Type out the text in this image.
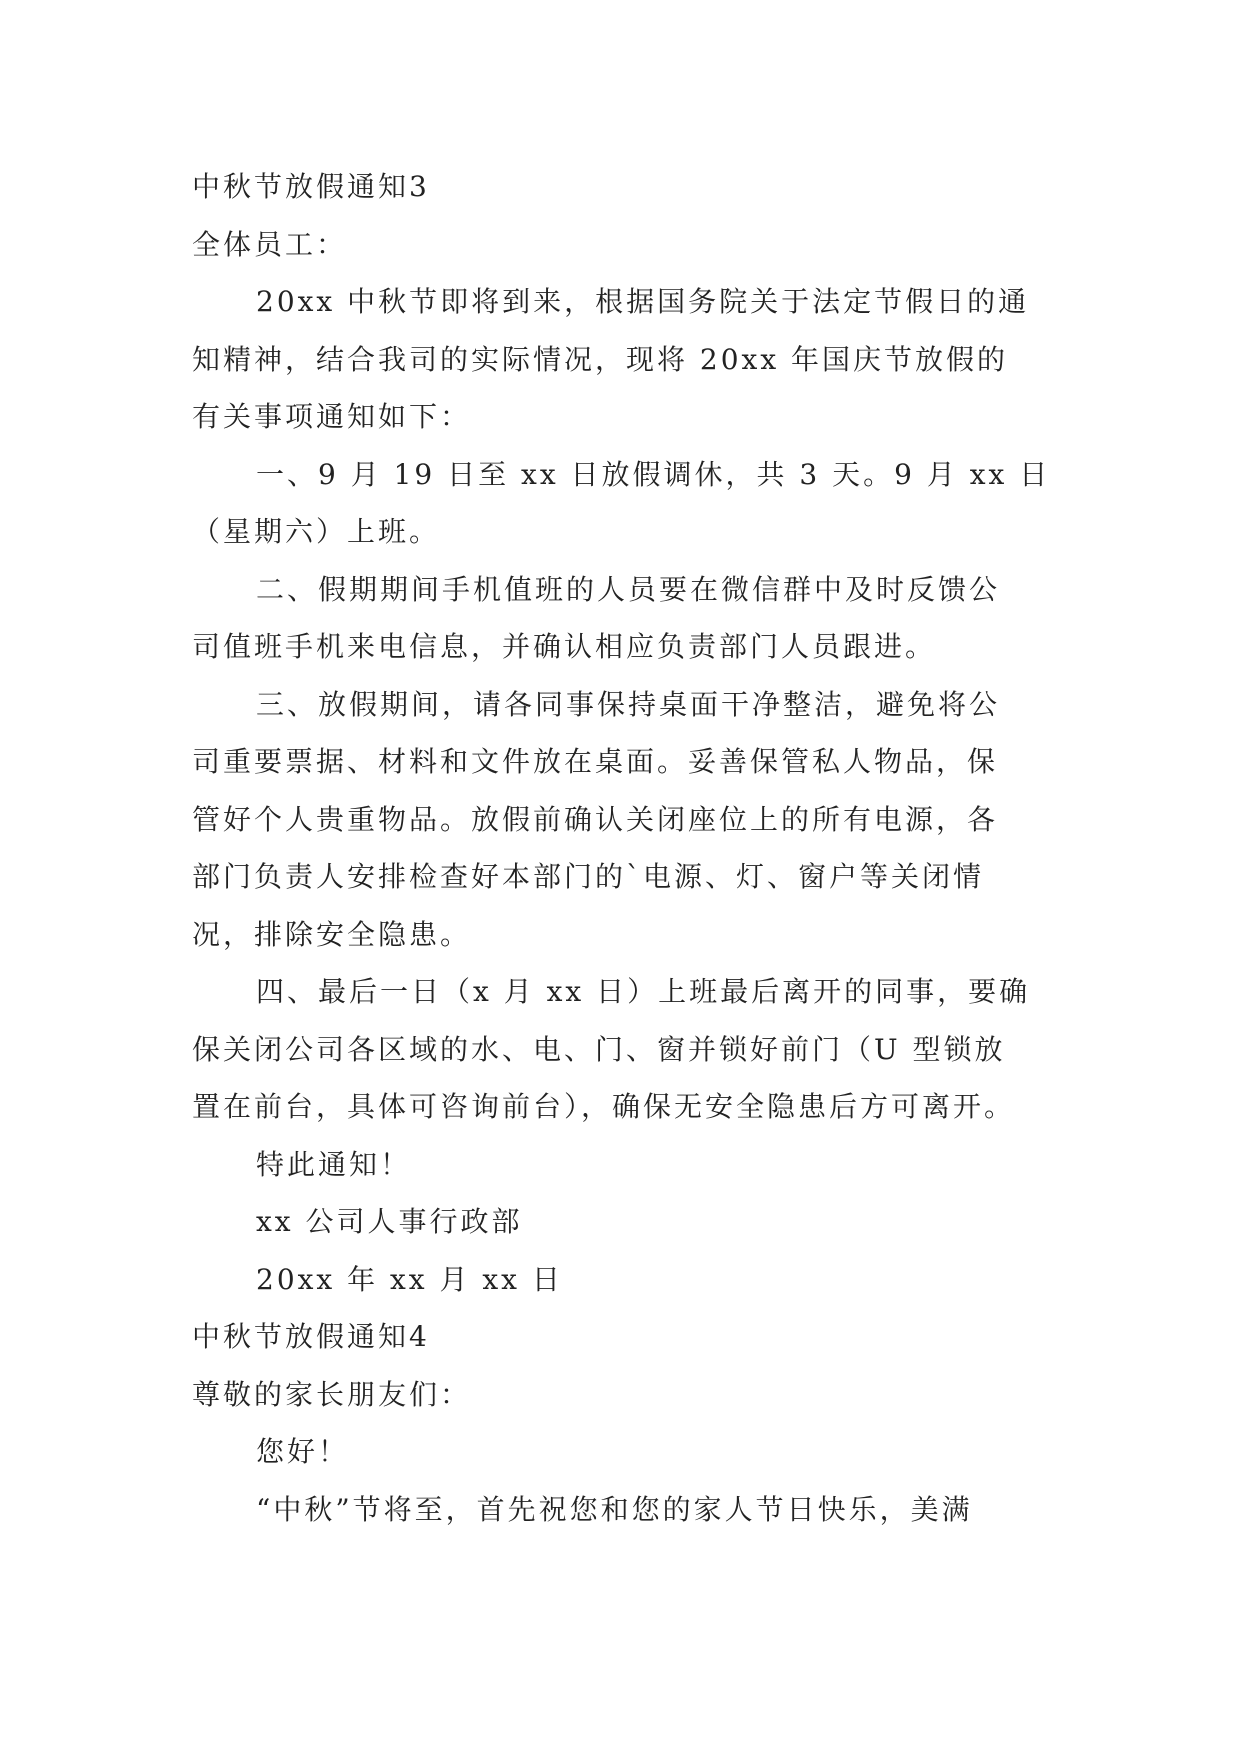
中秋节放假通知3
全体员工：
20xx 中秋节即将到来，根据国务院关于法定节假日的通
知精神，结合我司的实际情况，现将 20xx 年国庆节放假的
有关事项通知如下：
一、9 月 19 日至 xx 日放假调休，共 3 天。9 月 xx 日
（星期六）上班。
二、假期期间手机值班的人员要在微信群中及时反馈公
司值班手机来电信息，并确认相应负责部门人员跟进。
三、放假期间，请各同事保持桌面干净整洁，避免将公
司重要票据、材料和文件放在桌面。妥善保管私人物品，保
管好个人贵重物品。放假前确认关闭座位上的所有电源，各
部门负责人安排检查好本部门的`电源、灯、窗户等关闭情
况，排除安全隐患。
四、最后一日（x 月 xx 日）上班最后离开的同事，要确
保关闭公司各区域的水、电、门、窗并锁好前门（U 型锁放
置在前台，具体可咨询前台），确保无安全隐患后方可离开。
特此通知！
xx 公司人事行政部
20xx 年 xx 月 xx 日
中秋节放假通知4
尊敬的家长朋友们：
您好！
“中秋”节将至，首先祝您和您的家人节日快乐，美满
